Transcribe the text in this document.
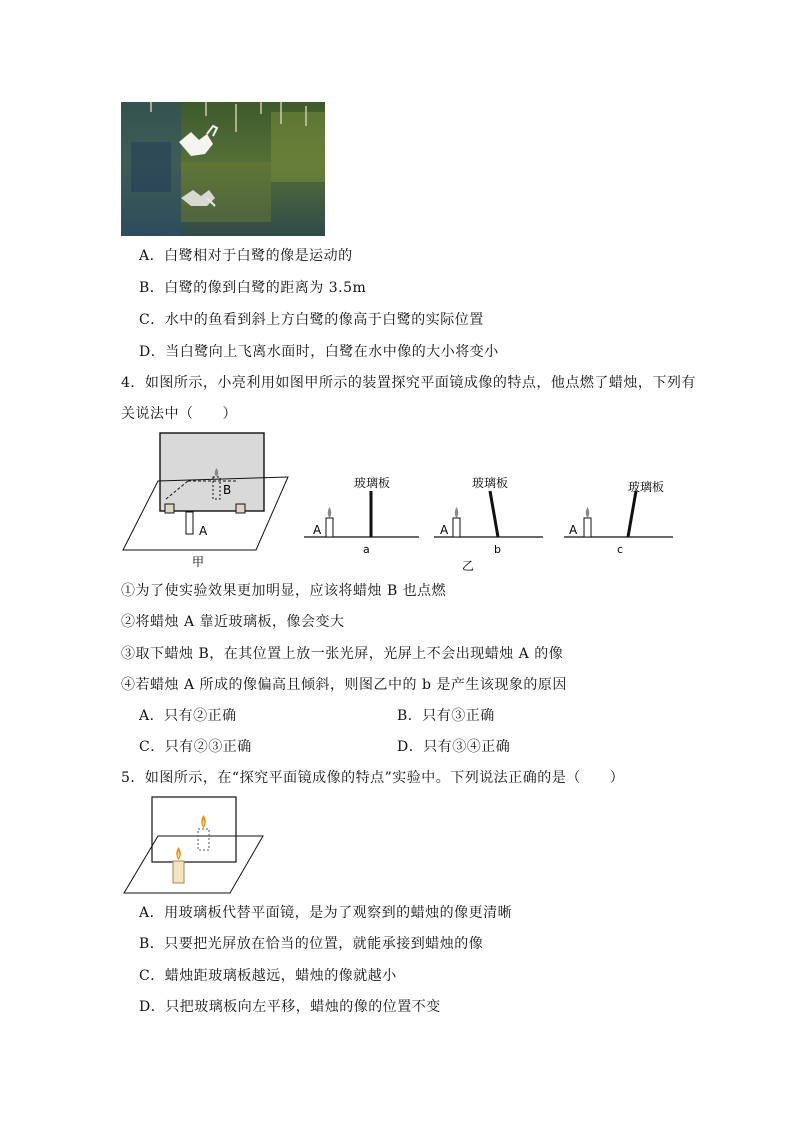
A．白鹭相对于白鹭的像是运动的
B．白鹭的像到白鹭的距离为 3.5m
C．水中的鱼看到斜上方白鹭的像高于白鹭的实际位置
D．当白鹭向上飞离水面时，白鹭在水中像的大小将变小
4．如图所示，小亮利用如图甲所示的装置探究平面镜成像的特点，他点燃了蜡烛，下列有
关说法中（　　）
A
B
甲
A
玻璃板
a
A
玻璃板
b
A
玻璃板
c
乙
①为了使实验效果更加明显，应该将蜡烛 B 也点燃
②将蜡烛 A 靠近玻璃板，像会变大
③取下蜡烛 B，在其位置上放一张光屏，光屏上不会出现蜡烛 A 的像
④若蜡烛 A 所成的像偏高且倾斜，则图乙中的 b 是产生该现象的原因
A．只有②正确	B．只有③正确
C．只有②③正确	D．只有③④正确
5．如图所示，在“探究平面镜成像的特点”实验中。下列说法正确的是（　　）
A．用玻璃板代替平面镜，是为了观察到的蜡烛的像更清晰
B．只要把光屏放在恰当的位置，就能承接到蜡烛的像
C．蜡烛距玻璃板越远，蜡烛的像就越小
D．只把玻璃板向左平移，蜡烛的像的位置不变
